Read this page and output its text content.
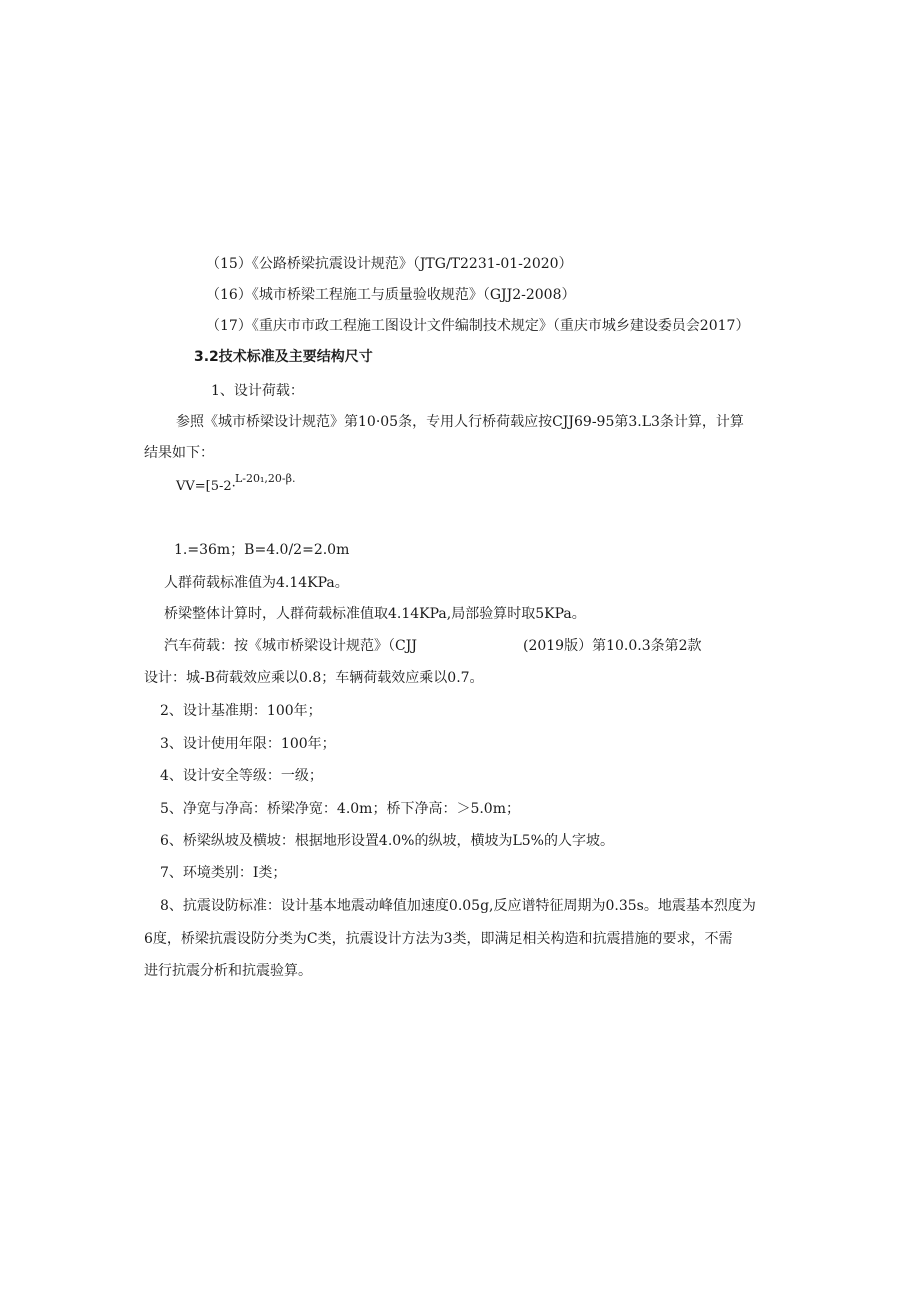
（15）《公路桥梁抗震设计规范》（JTG/T2231-01-2020）
（16）《城市桥梁工程施工与质量验收规范》（GJJ2-2008）
（17）《重庆市市政工程施工图设计文件编制技术规定》（重庆市城乡建设委员会2017）
3.2技术标准及主要结构尺寸
1、设计荷载：
参照《城市桥梁设计规范》第10·05条，专用人行桥荷载应按CJJ69-95第3.L3条计算，计算
结果如下：
VV=[5-2·
L-20₁,20-β.
1.=36m；B=4.0/2=2.0m
人群荷载标准值为4.14KPa。
桥梁整体计算时，人群荷载标准值取4.14KPa,局部验算时取5KPa。
汽车荷载：按《城市桥梁设计规范》（CJJ	(2019版）第10.0.3条第2款
设计：城-B荷载效应乘以0.8；车辆荷载效应乘以0.7。
2、设计基准期：100年；
3、设计使用年限：100年；
4、设计安全等级：一级；
5、净宽与净高：桥梁净宽：4.0m；桥下净高：＞5.0m；
6、桥梁纵坡及横坡：根据地形设置4.0%的纵坡，横坡为L5%的人字坡。
7、环境类别：I类；
8、抗震设防标准：设计基本地震动峰值加速度0.05g,反应谱特征周期为0.35s。地震基本烈度为
6度，桥梁抗震设防分类为C类，抗震设计方法为3类，即满足相关构造和抗震措施的要求，不需
进行抗震分析和抗震验算。
